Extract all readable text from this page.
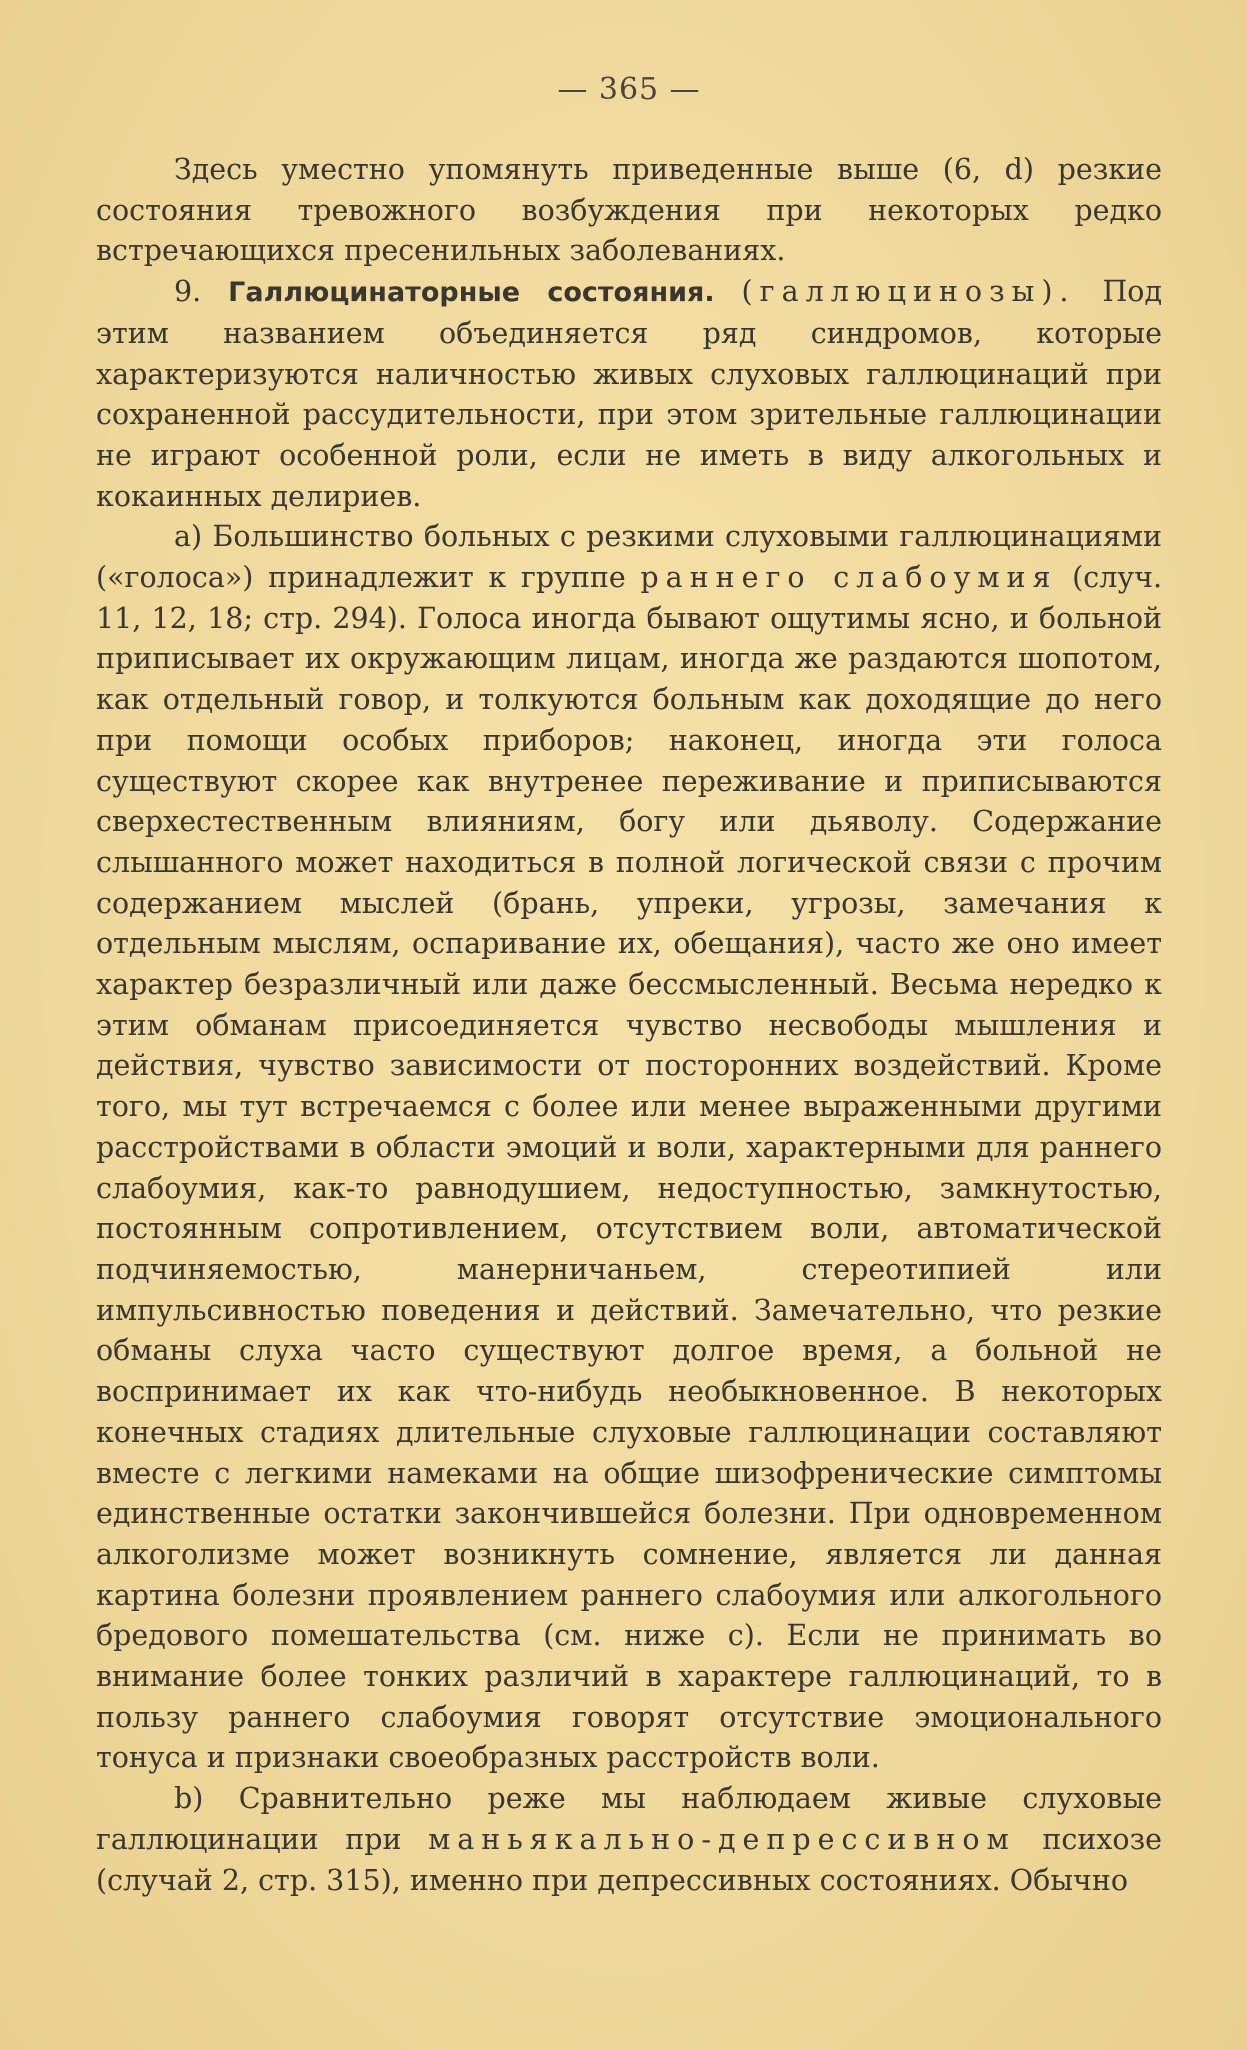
— 365 —

Здесь уместно упомянуть приведенные выше (6, d) резкие состояния тревожного возбуждения при некоторых редко встречающихся пресенильных заболеваниях.

9. Галлюцинаторные состояния. (галлюцинозы). Под этим названием объединяется ряд синдромов, которые характеризуются наличностью живых слуховых галлюцинаций при сохраненной рассудительности, при этом зрительные галлюцинации не играют особенной роли, если не иметь в виду алкогольных и кокаинных делириев.

a) Большинство больных с резкими слуховыми галлюцинациями («голоса») принадлежит к группе раннего слабоумия (случ. 11, 12, 18; стр. 294). Голоса иногда бывают ощутимы ясно, и больной приписывает их окружающим лицам, иногда же раздаются шопотом, как отдельный говор, и толкуются больным как доходящие до него при помощи особых приборов; наконец, иногда эти голоса существуют скорее как внутренее переживание и приписываются сверхестественным влияниям, богу или дьяволу. Содержание слышанного может находиться в полной логической связи с прочим содержанием мыслей (брань, упреки, угрозы, замечания к отдельным мыслям, оспаривание их, обещания), часто же оно имеет характер безразличный или даже бессмысленный. Весьма нередко к этим обманам присоединяется чувство несвободы мышления и действия, чувство зависимости от посторонних воздействий. Кроме того, мы тут встречаемся с более или менее выраженными другими расстройствами в области эмоций и воли, характерными для раннего слабоумия, как-то равнодушием, недоступностью, замкнутостью, постоянным сопротивлением, отсутствием воли, автоматической подчиняемостью, манерничаньем, стереотипией или импульсивностью поведения и действий. Замечательно, что резкие обманы слуха часто существуют долгое время, а больной не воспринимает их как что-нибудь необыкновенное. В некоторых конечных стадиях длительные слуховые галлюцинации составляют вместе с легкими намеками на общие шизофренические симптомы единственные остатки закончившейся болезни. При одновременном алкоголизме может возникнуть сомнение, является ли данная картина болезни проявлением раннего слабоумия или алкогольного бредового помешательства (см. ниже c). Если не принимать во внимание более тонких различий в характере галлюцинаций, то в пользу раннего слабоумия говорят отсутствие эмоционального тонуса и признаки своеобразных расстройств воли.

b) Сравнительно реже мы наблюдаем живые слуховые галлюцинации при маньякально-депрессивном психозе (случай 2, стр. 315), именно при депрессивных состояниях. Обычно
